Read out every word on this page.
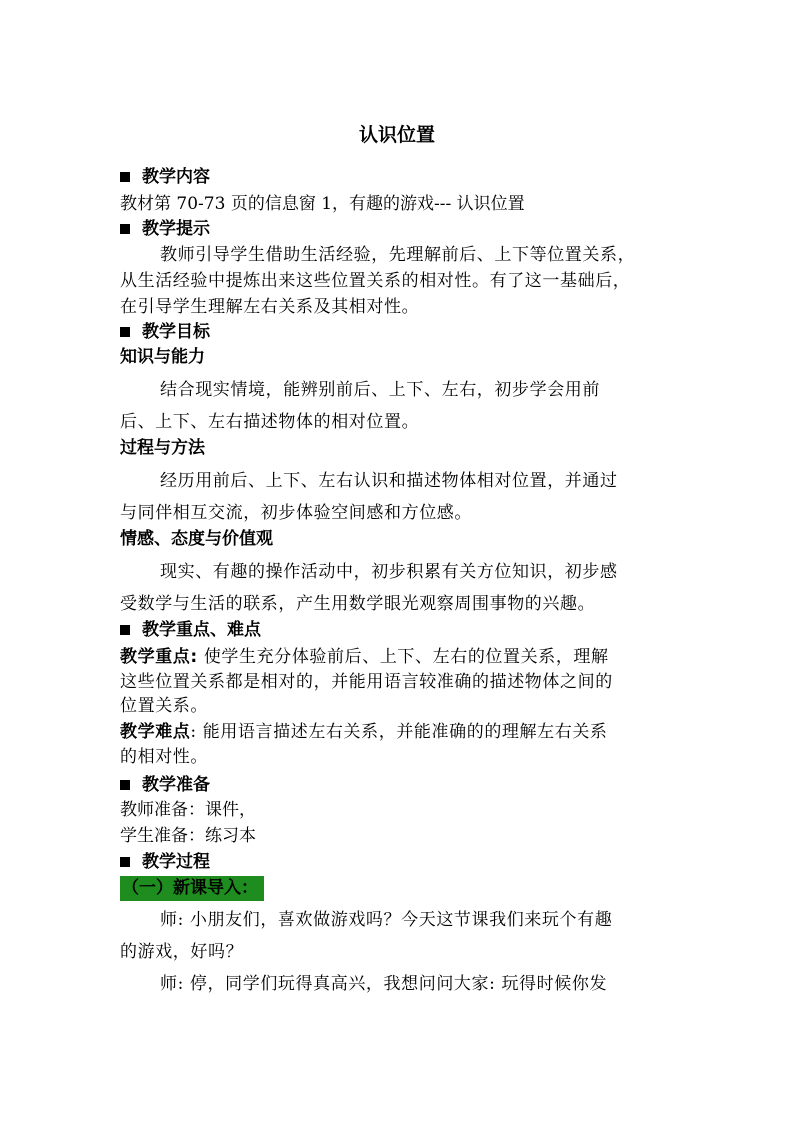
认识位置
教学内容
教材第 70-73 页的信息窗 1，有趣的游戏--- 认识位置
教学提示
教师引导学生借助生活经验，先理解前后、上下等位置关系，
从生活经验中提炼出来这些位置关系的相对性。有了这一基础后，
在引导学生理解左右关系及其相对性。
教学目标
知识与能力
结合现实情境，能辨别前后、上下、左右，初步学会用前
后、上下、左右描述物体的相对位置。
过程与方法
经历用前后、上下、左右认识和描述物体相对位置，并通过
与同伴相互交流，初步体验空间感和方位感。
情感、态度与价值观
现实、有趣的操作活动中，初步积累有关方位知识，初步感
受数学与生活的联系，产生用数学眼光观察周围事物的兴趣。
教学重点、难点
教学重点: 使学生充分体验前后、上下、左右的位置关系，理解
这些位置关系都是相对的，并能用语言较准确的描述物体之间的
位置关系。
教学难点: 能用语言描述左右关系，并能准确的的理解左右关系
的相对性。
教学准备
教师准备：课件，
学生准备：练习本
教学过程
（一）新课导入：
师: 小朋友们，喜欢做游戏吗？今天这节课我们来玩个有趣
的游戏，好吗？
师: 停，同学们玩得真高兴，我想问问大家: 玩得时候你发
